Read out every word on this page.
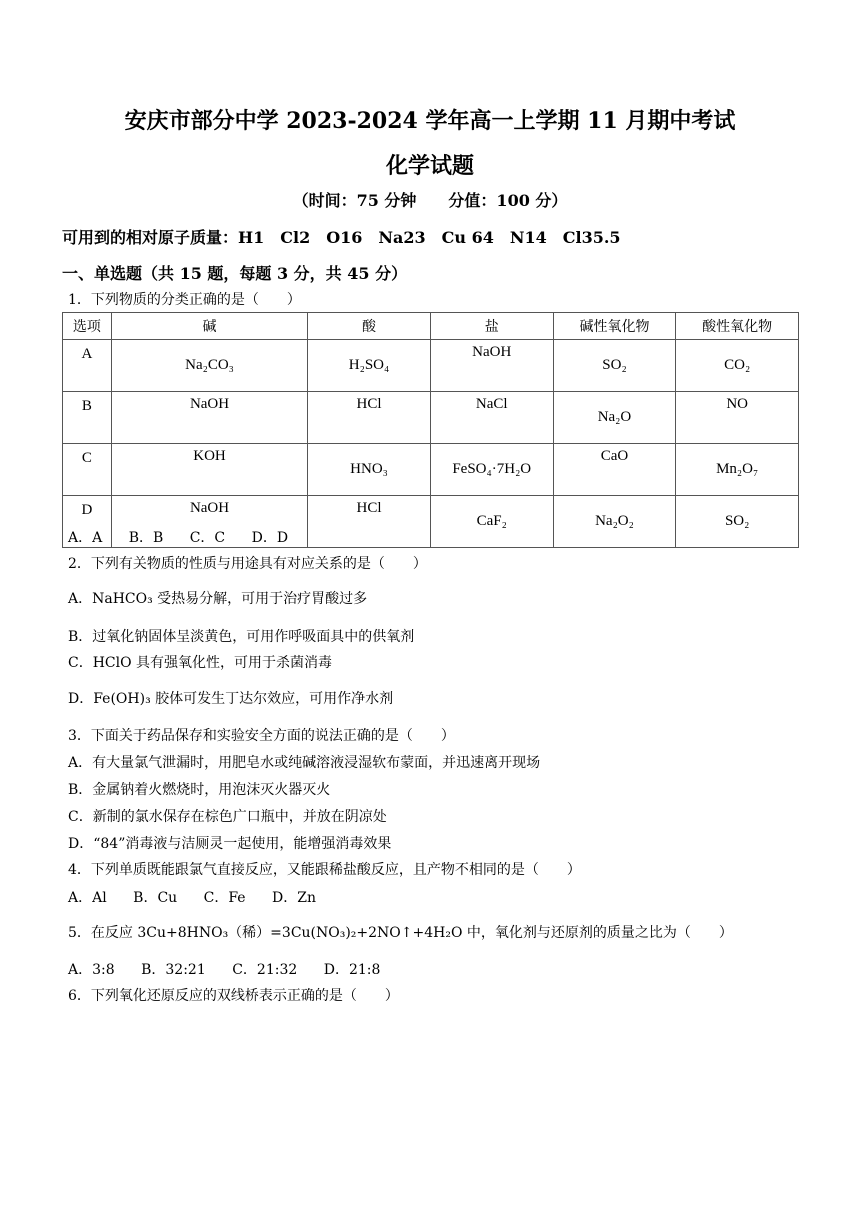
安庆市部分中学 2023-2024 学年高一上学期 11 月期中考试
化学试题
（时间：75 分钟　　分值：100 分）
可用到的相对原子质量：H1　Cl2　O16　Na23　Cu 64　N14　Cl35.5
一、单选题（共 15 题，每题 3 分，共 45 分）
1．下列物质的分类正确的是（　　）
选项	碱	酸	盐	碱性氧化物	酸性氧化物
A	Na₂CO₃	H₂SO₄	NaOH	SO₂	CO₂
B	NaOH	HCl	NaCl	Na₂O	NO
C	KOH	HNO₃	FeSO₄·7H₂O	CaO	Mn₂O₇
D	NaOH	HCl	CaF₂	Na₂O₂	SO₂
A．A B．B C．C D．D
2．下列有关物质的性质与用途具有对应关系的是（　　）
A．NaHCO₃ 受热易分解，可用于治疗胃酸过多
B．过氧化钠固体呈淡黄色，可用作呼吸面具中的供氧剂
C．HClO 具有强氧化性，可用于杀菌消毒
D．Fe(OH)₃ 胶体可发生丁达尔效应，可用作净水剂
3．下面关于药品保存和实验安全方面的说法正确的是（　　）
A．有大量氯气泄漏时，用肥皂水或纯碱溶液浸湿软布蒙面，并迅速离开现场
B．金属钠着火燃烧时，用泡沫灭火器灭火
C．新制的氯水保存在棕色广口瓶中，并放在阴凉处
D．“84”消毒液与洁厕灵一起使用，能增强消毒效果
4．下列单质既能跟氯气直接反应，又能跟稀盐酸反应，且产物不相同的是（　　）
A．Al B．Cu C．Fe D．Zn
5．在反应 3Cu+8HNO₃（稀）=3Cu(NO₃)₂+2NO↑+4H₂O 中，氧化剂与还原剂的质量之比为（　　）
A．3:8 B．32:21 C．21:32 D．21:8
6．下列氧化还原反应的双线桥表示正确的是（　　）
